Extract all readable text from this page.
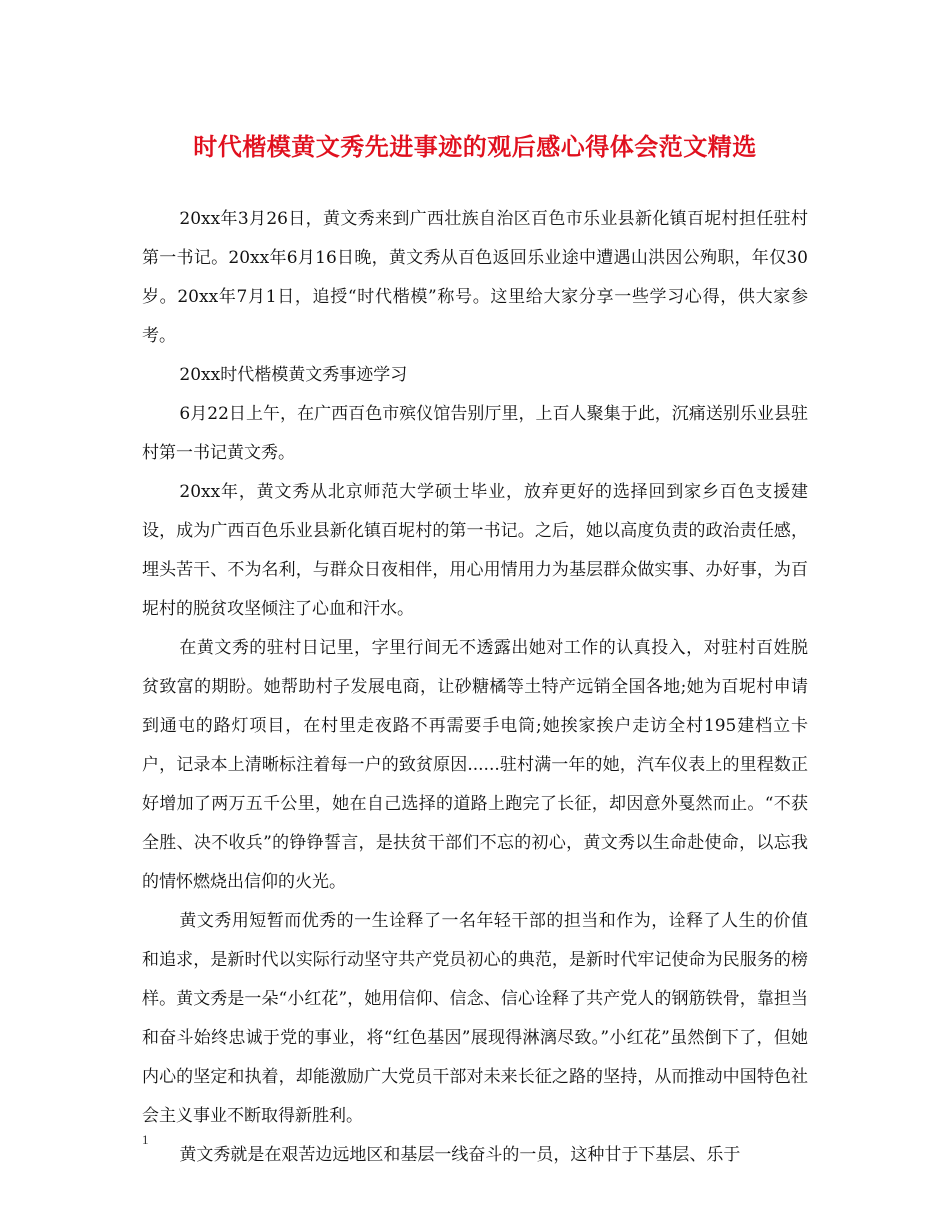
时代楷模黄文秀先进事迹的观后感心得体会范文精选

20xx年3月26日，黄文秀来到广西壮族自治区百色市乐业县新化镇百坭村担任驻村第一书记。20xx年6月16日晚，黄文秀从百色返回乐业途中遭遇山洪因公殉职，年仅30岁。20xx年7月1日，追授“时代楷模”称号。这里给大家分享一些学习心得，供大家参考。

20xx时代楷模黄文秀事迹学习

6月22日上午，在广西百色市殡仪馆告别厅里，上百人聚集于此，沉痛送别乐业县驻村第一书记黄文秀。

20xx年，黄文秀从北京师范大学硕士毕业，放弃更好的选择回到家乡百色支援建设，成为广西百色乐业县新化镇百坭村的第一书记。之后，她以高度负责的政治责任感，埋头苦干、不为名利，与群众日夜相伴，用心用情用力为基层群众做实事、办好事，为百坭村的脱贫攻坚倾注了心血和汗水。

在黄文秀的驻村日记里，字里行间无不透露出她对工作的认真投入，对驻村百姓脱贫致富的期盼。她帮助村子发展电商，让砂糖橘等土特产远销全国各地;她为百坭村申请到通屯的路灯项目，在村里走夜路不再需要手电筒;她挨家挨户走访全村195建档立卡户，记录本上清晰标注着每一户的致贫原因......驻村满一年的她，汽车仪表上的里程数正好增加了两万五千公里，她在自己选择的道路上跑完了长征，却因意外戛然而止。“不获全胜、决不收兵”的铮铮誓言，是扶贫干部们不忘的初心，黄文秀以生命赴使命，以忘我的情怀燃烧出信仰的火光。

黄文秀用短暂而优秀的一生诠释了一名年轻干部的担当和作为，诠释了人生的价值和追求，是新时代以实际行动坚守共产党员初心的典范，是新时代牢记使命为民服务的榜样。黄文秀是一朵“小红花”，她用信仰、信念、信心诠释了共产党人的钢筋铁骨，靠担当和奋斗始终忠诚于党的事业，将“红色基因”展现得淋漓尽致。”小红花”虽然倒下了，但她内心的坚定和执着，却能激励广大党员干部对未来长征之路的坚持，从而推动中国特色社会主义事业不断取得新胜利。

黄文秀就是在艰苦边远地区和基层一线奋斗的一员，这种甘于下基层、乐于

1
